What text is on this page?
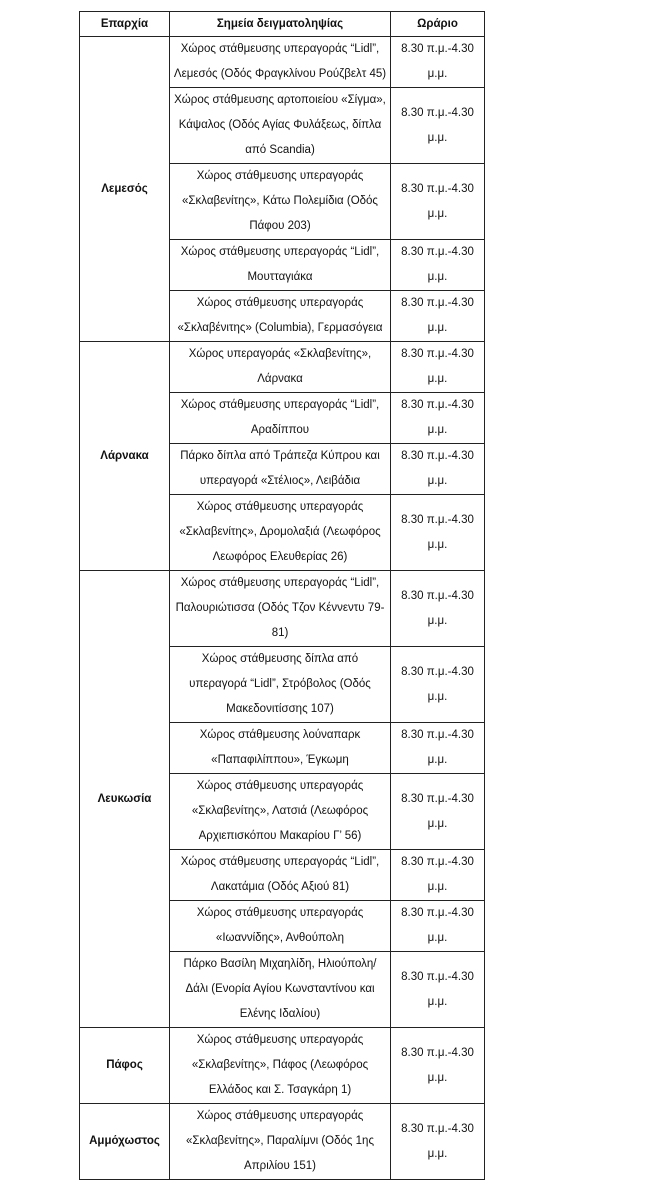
Επαρχία	Σημεία δειγματοληψίας	Ωράριο
Λεμεσός	Χώρος στάθμευσης υπεραγοράς “Lidl”, Λεμεσός (Οδός Φραγκλίνου Ρούζβελτ 45)	8.30 π.μ.-4.30 μ.μ.
	Χώρος στάθμευσης αρτοποιείου «Σίγμα», Κάψαλος (Οδός Αγίας Φυλάξεως, δίπλα από Scandia)	8.30 π.μ.-4.30 μ.μ.
	Χώρος στάθμευσης υπεραγοράς «Σκλαβενίτης», Κάτω Πολεμίδια (Οδός Πάφου 203)	8.30 π.μ.-4.30 μ.μ.
	Χώρος στάθμευσης υπεραγοράς “Lidl”, Μουτταγιάκα	8.30 π.μ.-4.30 μ.μ.
	Χώρος στάθμευσης υπεραγοράς «Σκλαβένιτης» (Columbia), Γερμασόγεια	8.30 π.μ.-4.30 μ.μ.
Λάρνακα	Χώρος υπεραγοράς «Σκλαβενίτης», Λάρνακα	8.30 π.μ.-4.30 μ.μ.
	Χώρος στάθμευσης υπεραγοράς “Lidl”, Αραδίππου	8.30 π.μ.-4.30 μ.μ.
	Πάρκο δίπλα από Τράπεζα Κύπρου και υπεραγορά «Στέλιος», Λειβάδια	8.30 π.μ.-4.30 μ.μ.
	Χώρος στάθμευσης υπεραγοράς «Σκλαβενίτης», Δρομολαξιά (Λεωφόρος Λεωφόρος Ελευθερίας 26)	8.30 π.μ.-4.30 μ.μ.
Λευκωσία	Χώρος στάθμευσης υπεραγοράς “Lidl”, Παλουριώτισσα (Οδός Τζον Κέννεντυ 79-81)	8.30 π.μ.-4.30 μ.μ.
	Χώρος στάθμευσης δίπλα από υπεραγορά “Lidl”, Στρόβολος (Οδός Μακεδονιτίσσης 107)	8.30 π.μ.-4.30 μ.μ.
	Χώρος στάθμευσης λούναπαρκ «Παπαφιλίππου», Έγκωμη	8.30 π.μ.-4.30 μ.μ.
	Χώρος στάθμευσης υπεραγοράς «Σκλαβενίτης», Λατσιά (Λεωφόρος Αρχιεπισκόπου Μακαρίου Γ’ 56)	8.30 π.μ.-4.30 μ.μ.
	Χώρος στάθμευσης υπεραγοράς “Lidl”, Λακατάμια (Οδός Αξιού 81)	8.30 π.μ.-4.30 μ.μ.
	Χώρος στάθμευσης υπεραγοράς «Ιωαννίδης», Ανθούπολη	8.30 π.μ.-4.30 μ.μ.
	Πάρκο Βασίλη Μιχαηλίδη, Ηλιούπολη/Δάλι (Ενορία Αγίου Κωνσταντίνου και Ελένης Ιδαλίου)	8.30 π.μ.-4.30 μ.μ.
Πάφος	Χώρος στάθμευσης υπεραγοράς «Σκλαβενίτης», Πάφος (Λεωφόρος Ελλάδος και Σ. Τσαγκάρη 1)	8.30 π.μ.-4.30 μ.μ.
Αμμόχωστος	Χώρος στάθμευσης υπεραγοράς «Σκλαβενίτης», Παραλίμνι (Οδός 1ης Απριλίου 151)	8.30 π.μ.-4.30 μ.μ.
